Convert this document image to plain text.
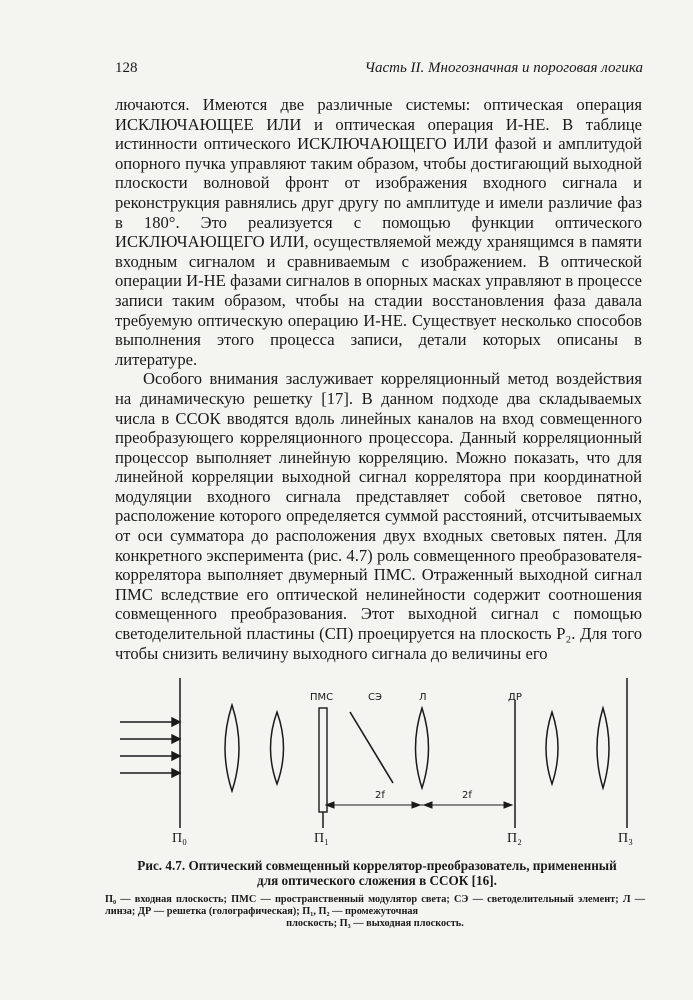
128	Часть II. Многозначная и пороговая логика

лючаются. Имеются две различные системы: оптическая операция ИСКЛЮЧАЮЩЕЕ ИЛИ и оптическая операция И-НЕ. В таблице истинности оптического ИСКЛЮЧАЮЩЕГО ИЛИ фазой и амплитудой опорного пучка управляют таким образом, чтобы достигающий выходной плоскости волновой фронт от изображения входного сигнала и реконструкция равнялись друг другу по амплитуде и имели различие фаз в 180°. Это реализуется с помощью функции оптического ИСКЛЮЧАЮЩЕГО ИЛИ, осуществляемой между хранящимся в памяти входным сигналом и сравниваемым с изображением. В оптической операции И-НЕ фазами сигналов в опорных масках управляют в процессе записи таким образом, чтобы на стадии восстановления фаза давала требуемую оптическую операцию И-НЕ. Существует несколько способов выполнения этого процесса записи, детали которых описаны в литературе.

Особого внимания заслуживает корреляционный метод воздействия на динамическую решетку [17]. В данном подходе два складываемых числа в ССОК вводятся вдоль линейных каналов на вход совмещенного преобразующего корреляционного процессора. Данный корреляционный процессор выполняет линейную корреляцию. Можно показать, что для линейной корреляции выходной сигнал коррелятора при координатной модуляции входного сигнала представляет собой световое пятно, расположение которого определяется суммой расстояний, отсчитываемых от оси сумматора до расположения двух входных световых пятен. Для конкретного эксперимента (рис. 4.7) роль совмещенного преобразователя-коррелятора выполняет двумерный ПМС. Отраженный выходной сигнал ПМС вследствие его оптической нелинейности содержит соотношения совмещенного преобразования. Этот выходной сигнал с помощью светоделительной пластины (СП) проецируется на плоскость P₂. Для того чтобы снизить величину выходного сигнала до величины его

ПМС	СЭ	Л	ДР
2f	2f
П₀	П₁	П₂	П₃
Рис. 4.7. Оптический совмещенный коррелятор-преобразователь, примененный
для оптического сложения в ССОК [16].
П₀ — входная плоскость; ПМС — пространственный модулятор света; СЭ — светоделительный элемент; Л — линза; ДР — решетка (голографическая); П₁, П₂ — промежуточная
плоскость; П₃ — выходная плоскость.
